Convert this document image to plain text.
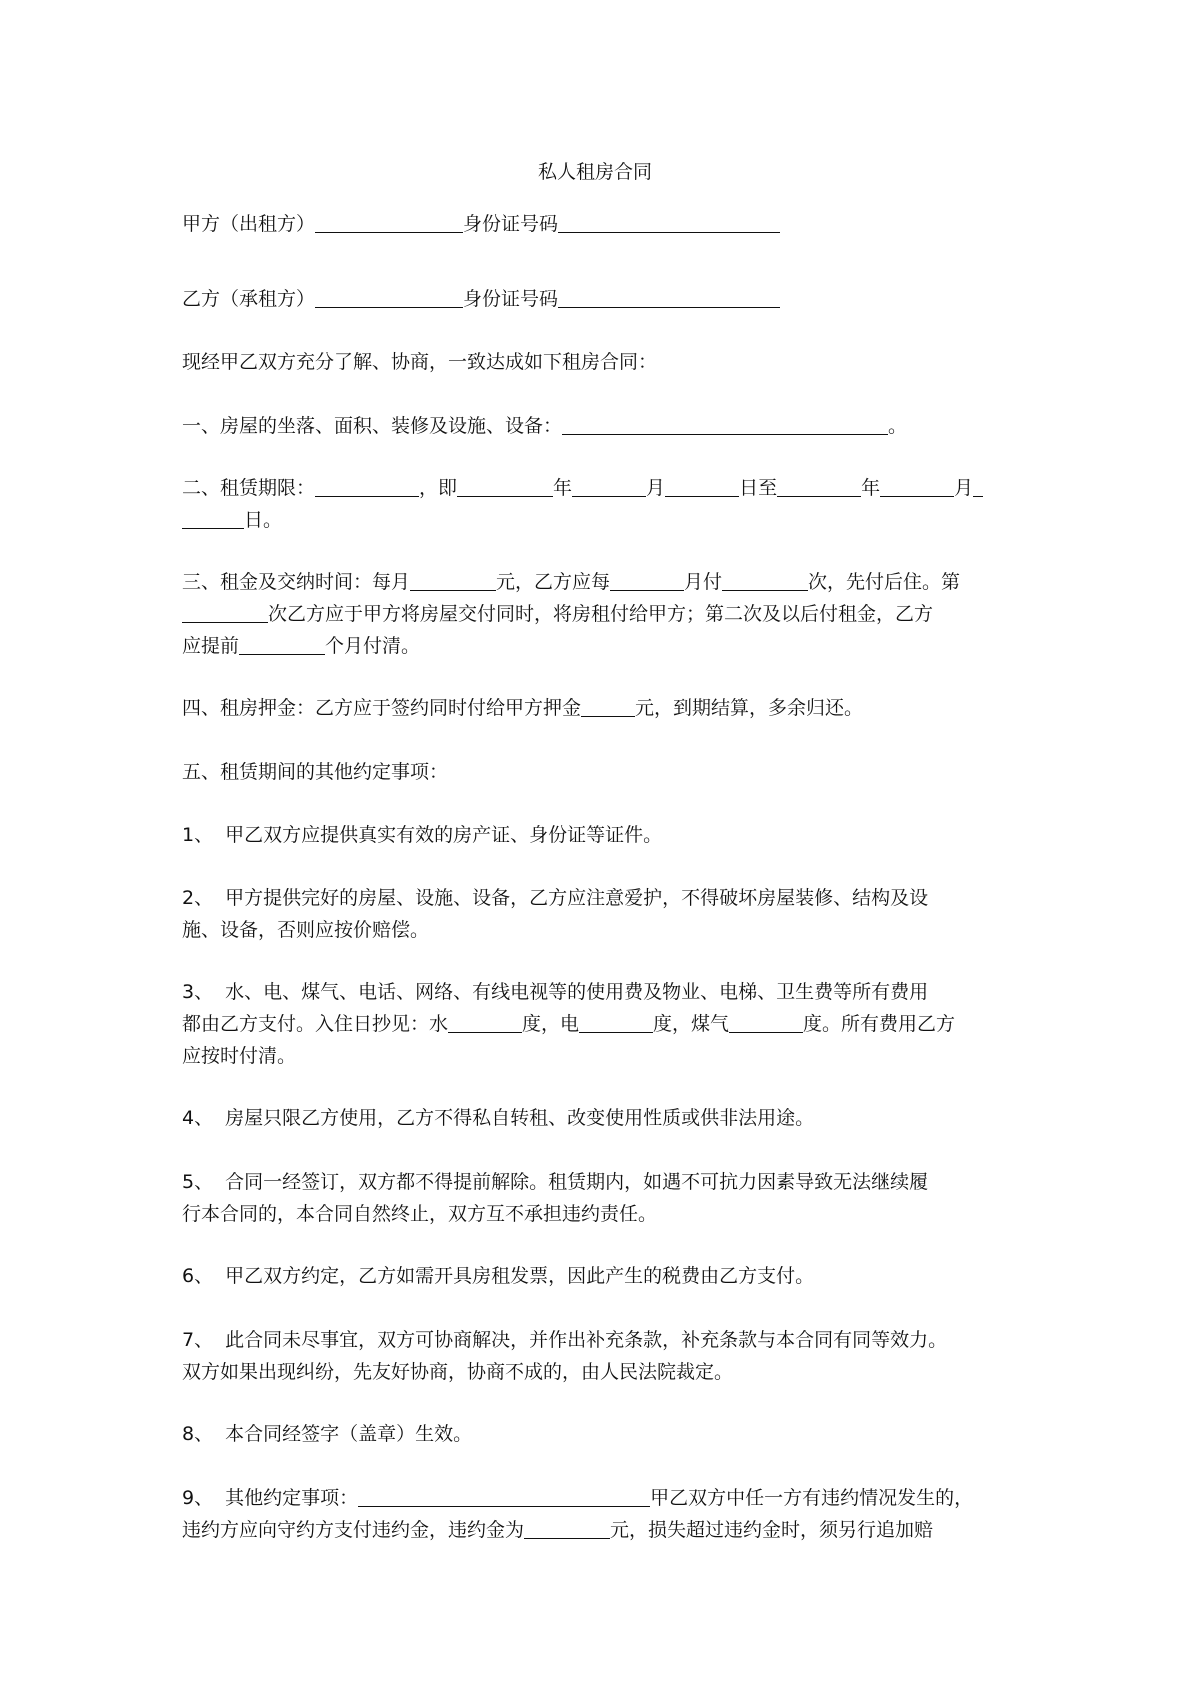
私人租房合同
甲方（出租方）	身份证号码
乙方（承租方）	身份证号码
现经甲乙双方充分了解、协商，一致达成如下租房合同：
一、房屋的坐落、面积、装修及设施、设备：	。
二、租赁期限：	，即	年	月	日至	年	月
日。
三、租金及交纳时间：每月	元，乙方应每	月付	次，先付后住。第
次乙方应于甲方将房屋交付同时，将房租付给甲方；第二次及以后付租金，乙方
应提前	个月付清。
四、租房押金：乙方应于签约同时付给甲方押金	元，到期结算，多余归还。
五、租赁期间的其他约定事项：
1、 甲乙双方应提供真实有效的房产证、身份证等证件。
2、 甲方提供完好的房屋、设施、设备，乙方应注意爱护，不得破坏房屋装修、结构及设
施、设备，否则应按价赔偿。
3、 水、电、煤气、电话、网络、有线电视等的使用费及物业、电梯、卫生费等所有费用
都由乙方支付。入住日抄见：水	度，电	度，煤气	度。所有费用乙方
应按时付清。
4、 房屋只限乙方使用，乙方不得私自转租、改变使用性质或供非法用途。
5、 合同一经签订，双方都不得提前解除。租赁期内，如遇不可抗力因素导致无法继续履
行本合同的，本合同自然终止，双方互不承担违约责任。
6、 甲乙双方约定，乙方如需开具房租发票，因此产生的税费由乙方支付。
7、 此合同未尽事宜，双方可协商解决，并作出补充条款，补充条款与本合同有同等效力。
双方如果出现纠纷，先友好协商，协商不成的，由人民法院裁定。
8、 本合同经签字（盖章）生效。
9、 其他约定事项：	甲乙双方中任一方有违约情况发生的，
违约方应向守约方支付违约金，违约金为	元，损失超过违约金时，须另行追加赔
